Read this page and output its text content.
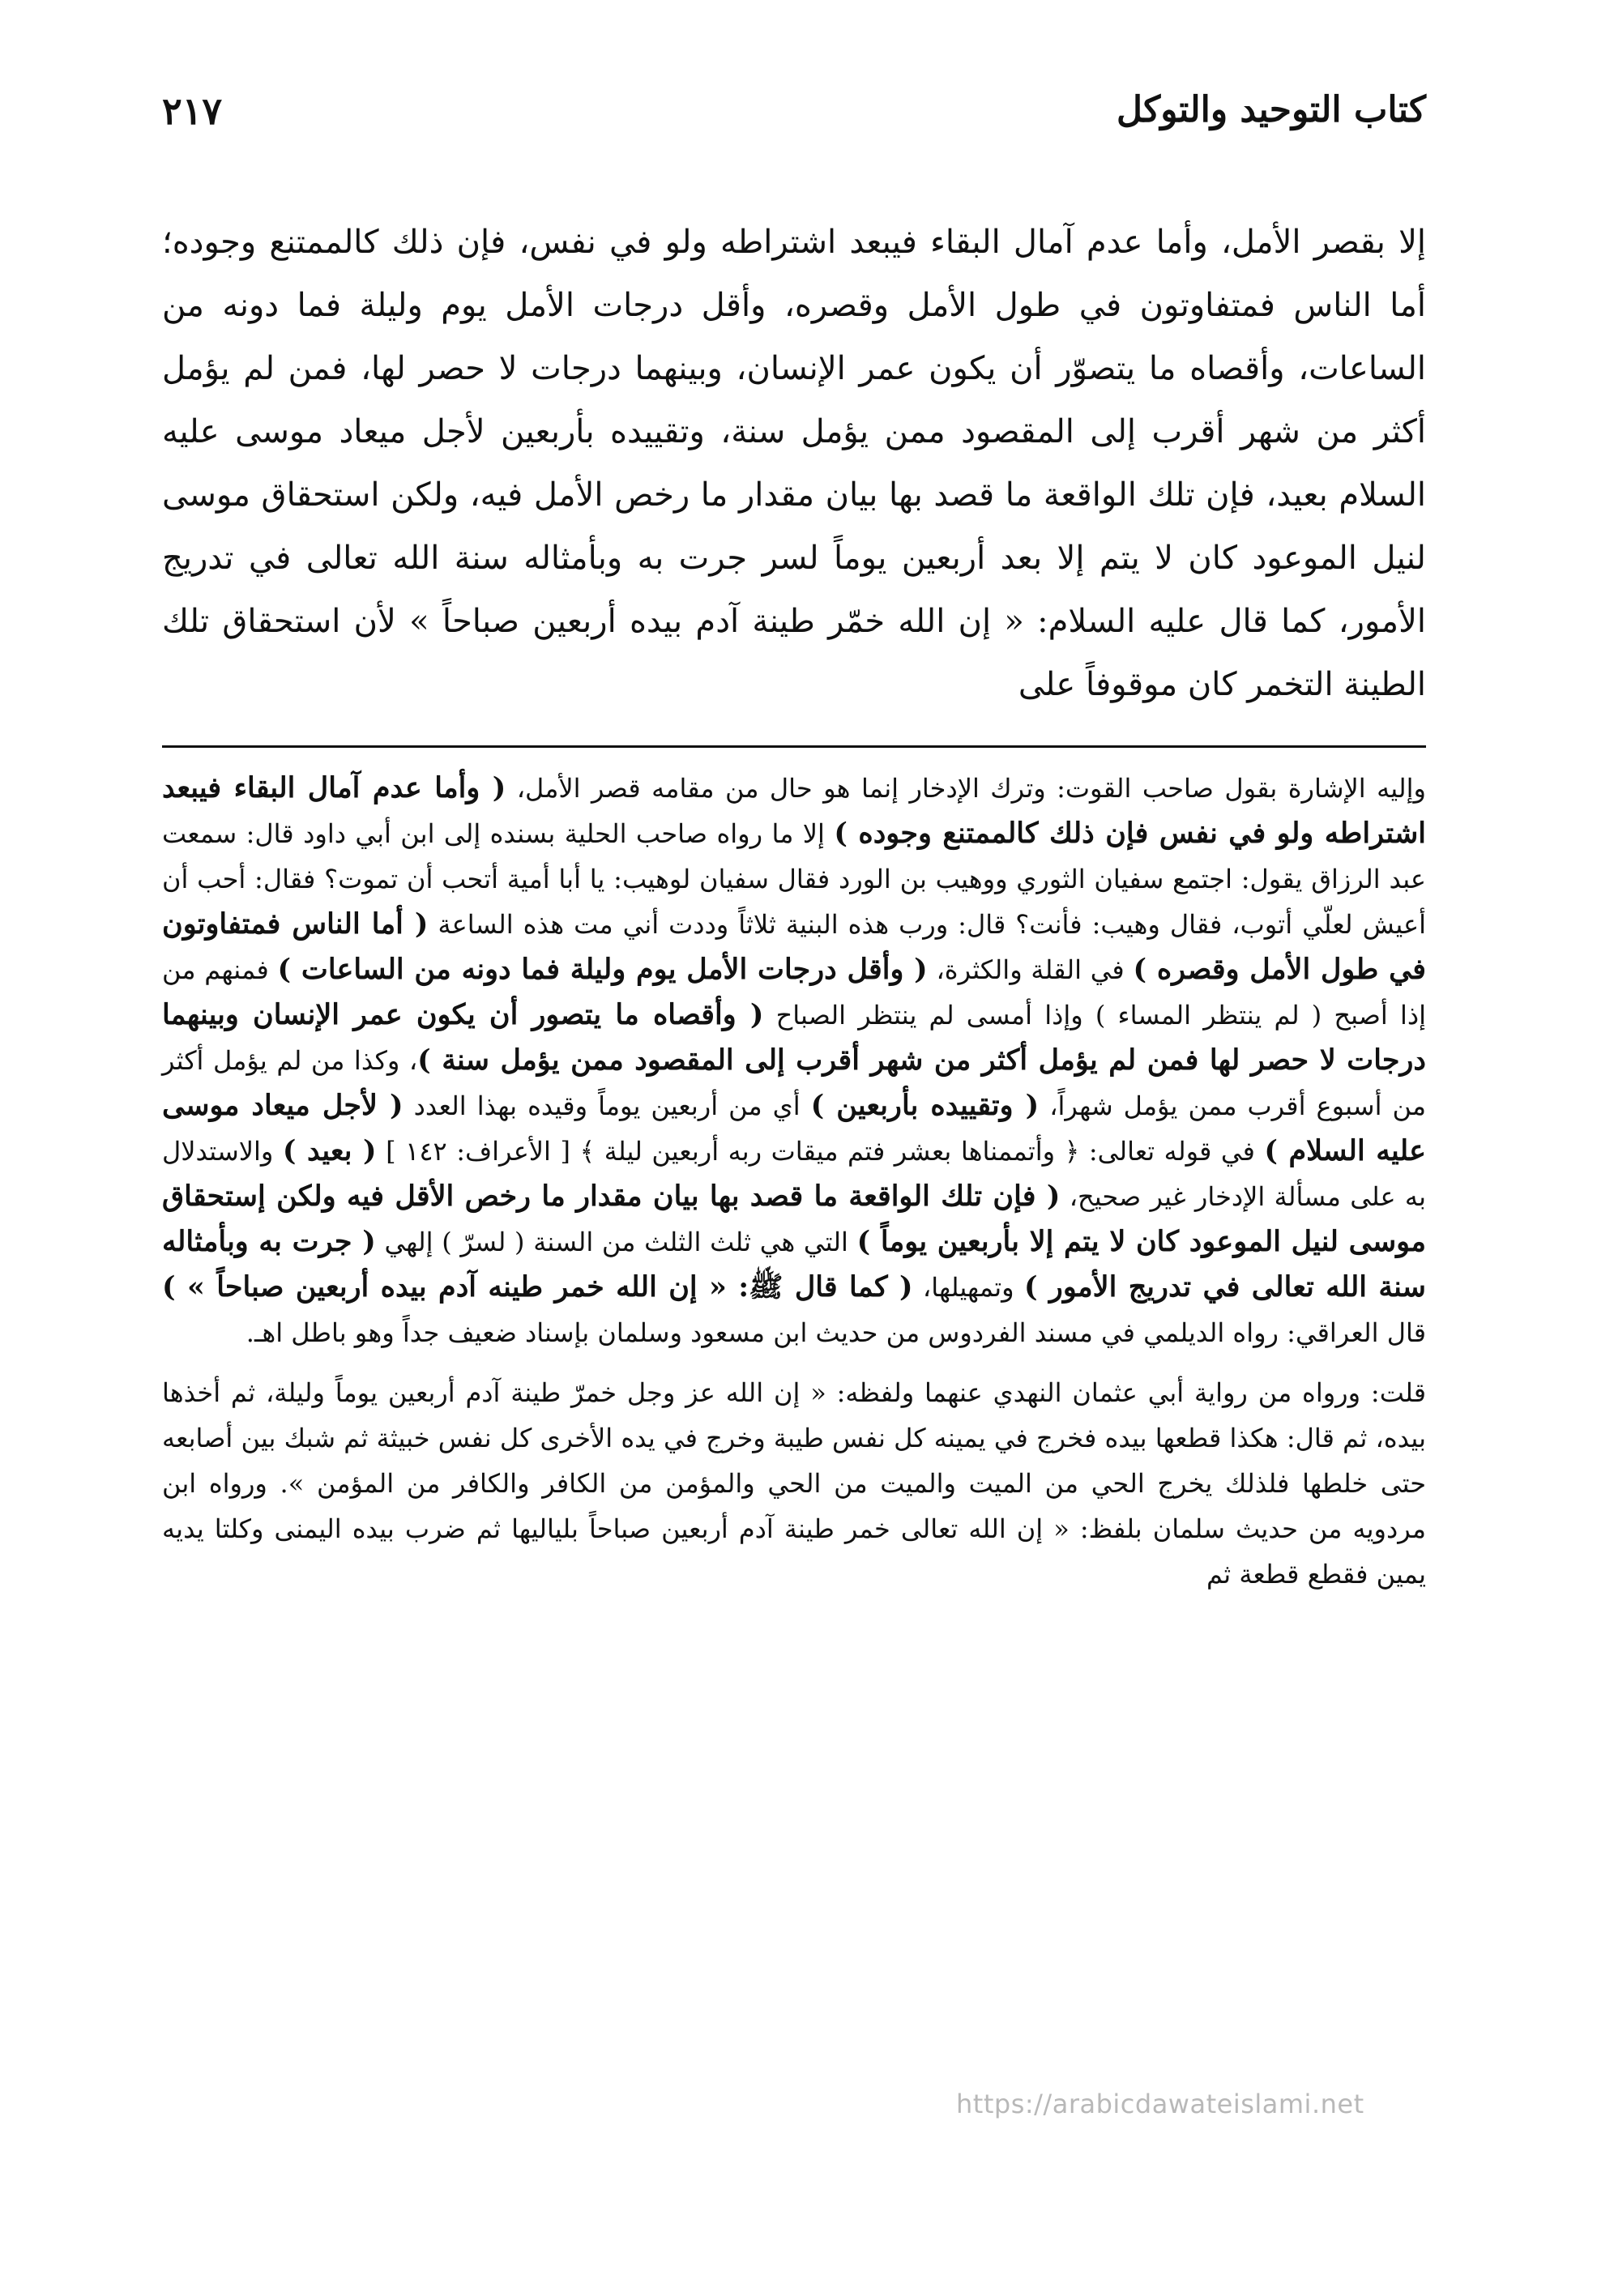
كتاب التوحيد والتوكل
٢١٧

إلا بقصر الأمل، وأما عدم آمال البقاء فيبعد اشتراطه ولو في نفس، فإن ذلك كالممتنع وجوده؛ أما الناس فمتفاوتون في طول الأمل وقصره، وأقل درجات الأمل يوم وليلة فما دونه من الساعات، وأقصاه ما يتصوّر أن يكون عمر الإنسان، وبينهما درجات لا حصر لها، فمن لم يؤمل أكثر من شهر أقرب إلى المقصود ممن يؤمل سنة، وتقييده بأربعين لأجل ميعاد موسى عليه السلام بعيد، فإن تلك الواقعة ما قصد بها بيان مقدار ما رخص الأمل فيه، ولكن استحقاق موسى لنيل الموعود كان لا يتم إلا بعد أربعين يوماً لسر جرت به وبأمثاله سنة الله تعالى في تدريج الأمور، كما قال عليه السلام: « إن الله خمّر طينة آدم بيده أربعين صباحاً » لأن استحقاق تلك الطينة التخمر كان موقوفاً على

وإليه الإشارة بقول صاحب القوت: وترك الإدخار إنما هو حال من مقامه قصر الأمل، ( وأما عدم آمال البقاء فيبعد اشتراطه ولو في نفس فإن ذلك كالممتنع وجوده ) إلا ما رواه صاحب الحلية بسنده إلى ابن أبي داود قال: سمعت عبد الرزاق يقول: اجتمع سفيان الثوري ووهيب بن الورد فقال سفيان لوهيب: يا أبا أمية أتحب أن تموت؟ فقال: أحب أن أعيش لعلّي أتوب، فقال وهيب: فأنت؟ قال: ورب هذه البنية ثلاثاً وددت أني مت هذه الساعة ( أما الناس فمتفاوتون في طول الأمل وقصره ) في القلة والكثرة، ( وأقل درجات الأمل يوم وليلة فما دونه من الساعات ) فمنهم من إذا أصبح ( لم ينتظر المساء ) وإذا أمسى لم ينتظر الصباح ( وأقصاه ما يتصور أن يكون عمر الإنسان وبينهما درجات لا حصر لها فمن لم يؤمل أكثر من شهر أقرب إلى المقصود ممن يؤمل سنة )، وكذا من لم يؤمل أكثر من أسبوع أقرب ممن يؤمل شهراً، ( وتقييده بأربعين ) أي من أربعين يوماً وقيده بهذا العدد ( لأجل ميعاد موسى عليه السلام ) في قوله تعالى: ﴿ وأتممناها بعشر فتم ميقات ربه أربعين ليلة ﴾ [ الأعراف: ١٤٢ ] ( بعيد ) والاستدلال به على مسألة الإدخار غير صحيح، ( فإن تلك الواقعة ما قصد بها بيان مقدار ما رخص الأقل فيه ولكن إستحقاق موسى لنيل الموعود كان لا يتم إلا بأربعين يوماً ) التي هي ثلث الثلث من السنة ( لسرّ ) إلهي ( جرت به وبأمثاله سنة الله تعالى في تدريج الأمور ) وتمهيلها، ( كما قال ﷺ: « إن الله خمر طينه آدم بيده أربعين صباحاً » ) قال العراقي: رواه الديلمي في مسند الفردوس من حديث ابن مسعود وسلمان بإسناد ضعيف جداً وهو باطل اهـ.

قلت: ورواه من رواية أبي عثمان النهدي عنهما ولفظه: « إن الله عز وجل خمرّ طينة آدم أربعين يوماً وليلة، ثم أخذها بيده، ثم قال: هكذا قطعها بيده فخرج في يمينه كل نفس طيبة وخرج في يده الأخرى كل نفس خبيثة ثم شبك بين أصابعه حتى خلطها فلذلك يخرج الحي من الميت والميت من الحي والمؤمن من الكافر والكافر من المؤمن ». ورواه ابن مردويه من حديث سلمان بلفظ: « إن الله تعالى خمر طينة آدم أربعين صباحاً بلياليها ثم ضرب بيده اليمنى وكلتا يديه يمين فقطع قطعة ثم

https://arabicdawateislami.net
